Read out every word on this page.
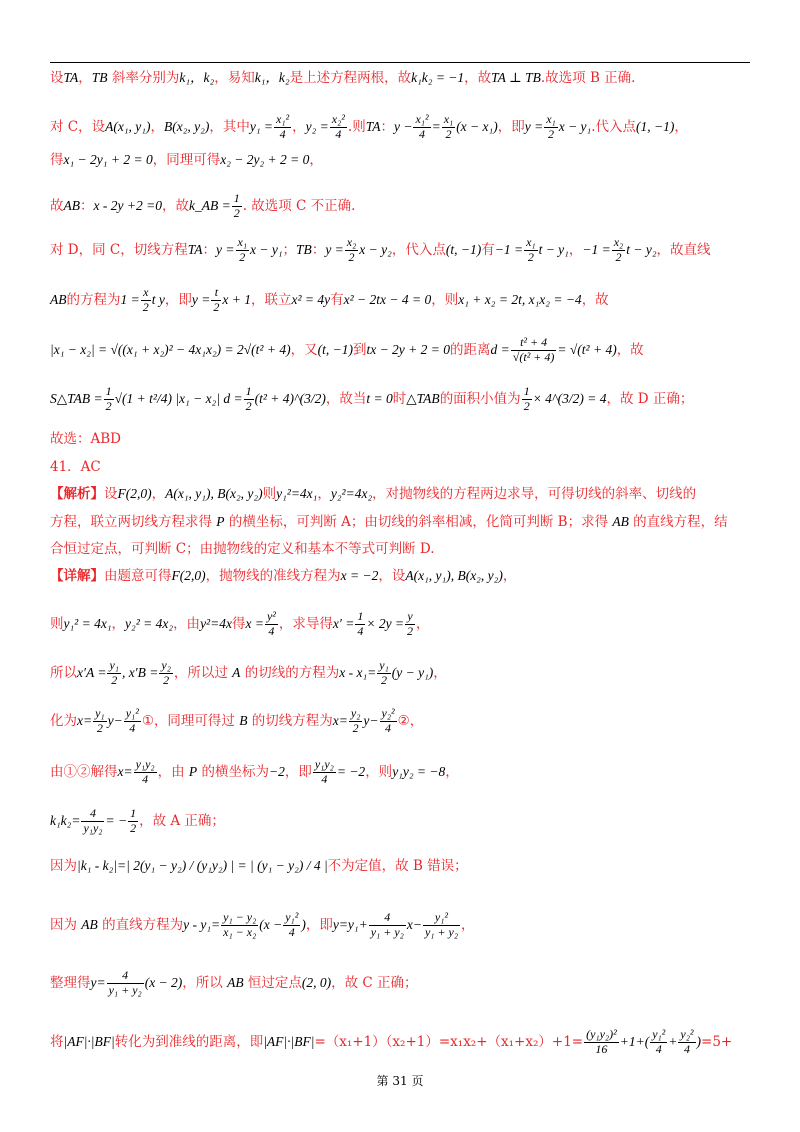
设TA，TB 斜率分别为k₁，k₂，易知k₁，k₂是上述方程两根，故k₁k₂ = −1，故TA ⊥ TB.故选项 B 正确.
对 C，设A(x₁, y₁)，B(x₂, y₂)，其中$y_1 = \frac{\text{x₁²}}{4}$ ，$y_2 = \frac{\text{x₂²}}{4}$ .则TA：$y - \frac{\text{x₁²}}{4} = \frac{\text{x₁}}{2} (x - x_1)$，即$y = \frac{\text{x₁}}{2}$ x − y₁.代入点(1, −1)，
得x₁ − 2y₁ + 2 = 0，同理可得x₂ − 2y₂ + 2 = 0，
故AB：x - 2y +2 =0，故k_AB = $\frac{1}{2}$ . 故选项 C 不正确.
对 D，同 C，切线方程TA：$y = \frac{\text{x₁}}{2}$ x − y₁；TB：$y = \frac{\text{x₂}}{2}$ x − y₂，代入点(t, −1)有$-1 = \frac{\text{x₁}}{2}$ t − y₁，$-1 = \frac{\text{x₂}}{2}$ t − y₂，故直线
AB的方程为$1 = \frac{x}{2}$ t y，即$y = \frac{t}{2}$ x + 1，联立x² = 4y有x² − 2tx − 4 = 0，则x₁ + x₂ = 2t, x₁x₂ = −4，故
|x₁ − x₂| = √((x₁ + x₂)² − 4x₁x₂) = 2√(t² + 4)，又(t, −1)到tx − 2y + 2 = 0的距离$d = \frac{\text{t² + 4}}{\text{√(t² + 4)}} = √(t^2 + 4)$，故
S△TAB = $\frac{1}{2} √(1 + t^2/4) |x_1 - x_2|$ $d = \frac{1}{2} (t^2$ + 4)^(3/2)，故当t = 0时△TAB的面积小值为 $\frac{1}{2}$ × 4^(3/2) = 4，故 D 正确；
故选：ABD
41．AC
【解析】设F(2,0)，A(x₁, y₁), B(x₂, y₂)则y₁²=4x₁，y₂²=4x₂，对抛物线的方程两边求导，可得切线的斜率、切线的
方程，联立两切线方程求得 P 的横坐标，可判断 A；由切线的斜率相减，化简可判断 B；求得 AB 的直线方程，结
合恒过定点，可判断 C；由抛物线的定义和基本不等式可判断 D.
【详解】由题意可得F(2,0)，抛物线的准线方程为x = −2，设A(x₁, y₁), B(x₂, y₂)，
则y₁² = 4x₁，y₂² = 4x₂，由y²=4x得$x = \frac{\text{y²}}{4}$ ，求导得$x' = \frac{1}{4} \times 2y = \frac{y}{2}$ ，
所以$x'A = \frac{\text{y₁}}{2}$ , $x'B = \frac{\text{y₂}}{2}$ ，所以过 A 的切线的方程为$x - x_1= \frac{\text{y₁}}{2} (y - y_1)$，
化为$x= \frac{\text{y₁}}{2} y- \frac{\text{y₁²}}{4}$ ①，同理可得过 B 的切线方程为$x= \frac{\text{y₂}}{2} y- \frac{\text{y₂²}}{4}$ ②，
由①②解得$x= \frac{\text{y₁y₂}}{4}$ ，由 P 的横坐标为−2，即 $\frac{\text{y₁y₂}}{4} = -2$，则y₁y₂ = −8，
$k_1k_2= \frac{4}{\text{y₁y₂}}$ = − $\frac{1}{2}$ ，故 A 正确；
因为|k₁ - k₂|=| 2(y₁ − y₂) / (y₁y₂) | = | (y₁ − y₂) / 4 |不为定值，故 B 错误；
因为 AB 的直线方程为$y - y_1= \frac{\text{y₁ − y₂}}{\text{x₁ − x₂}} (x - \frac{\text{y₁²}}{4}$ )，即$y=y_1+ \frac{4}{\text{y₁ + y₂}} x- \frac{\text{y₁²}}{\text{y₁ + y₂}}$ ，
整理得$y= \frac{4}{\text{y₁ + y₂}} (x - 2)$，所以 AB 恒过定点(2, 0)，故 C 正确；
将|AF|·|BF|转化为到准线的距离，即$|AF|\cdot|BF|=(x_1+1)(x_2+1)=x_1x_2+(x_1+x_2)+1= \frac{\text{(y₁y₂)²}}{16} +1+( \frac{\text{y₁²}}{4} + \frac{\text{y₂²}}{4} )=5+$
第 31 页
